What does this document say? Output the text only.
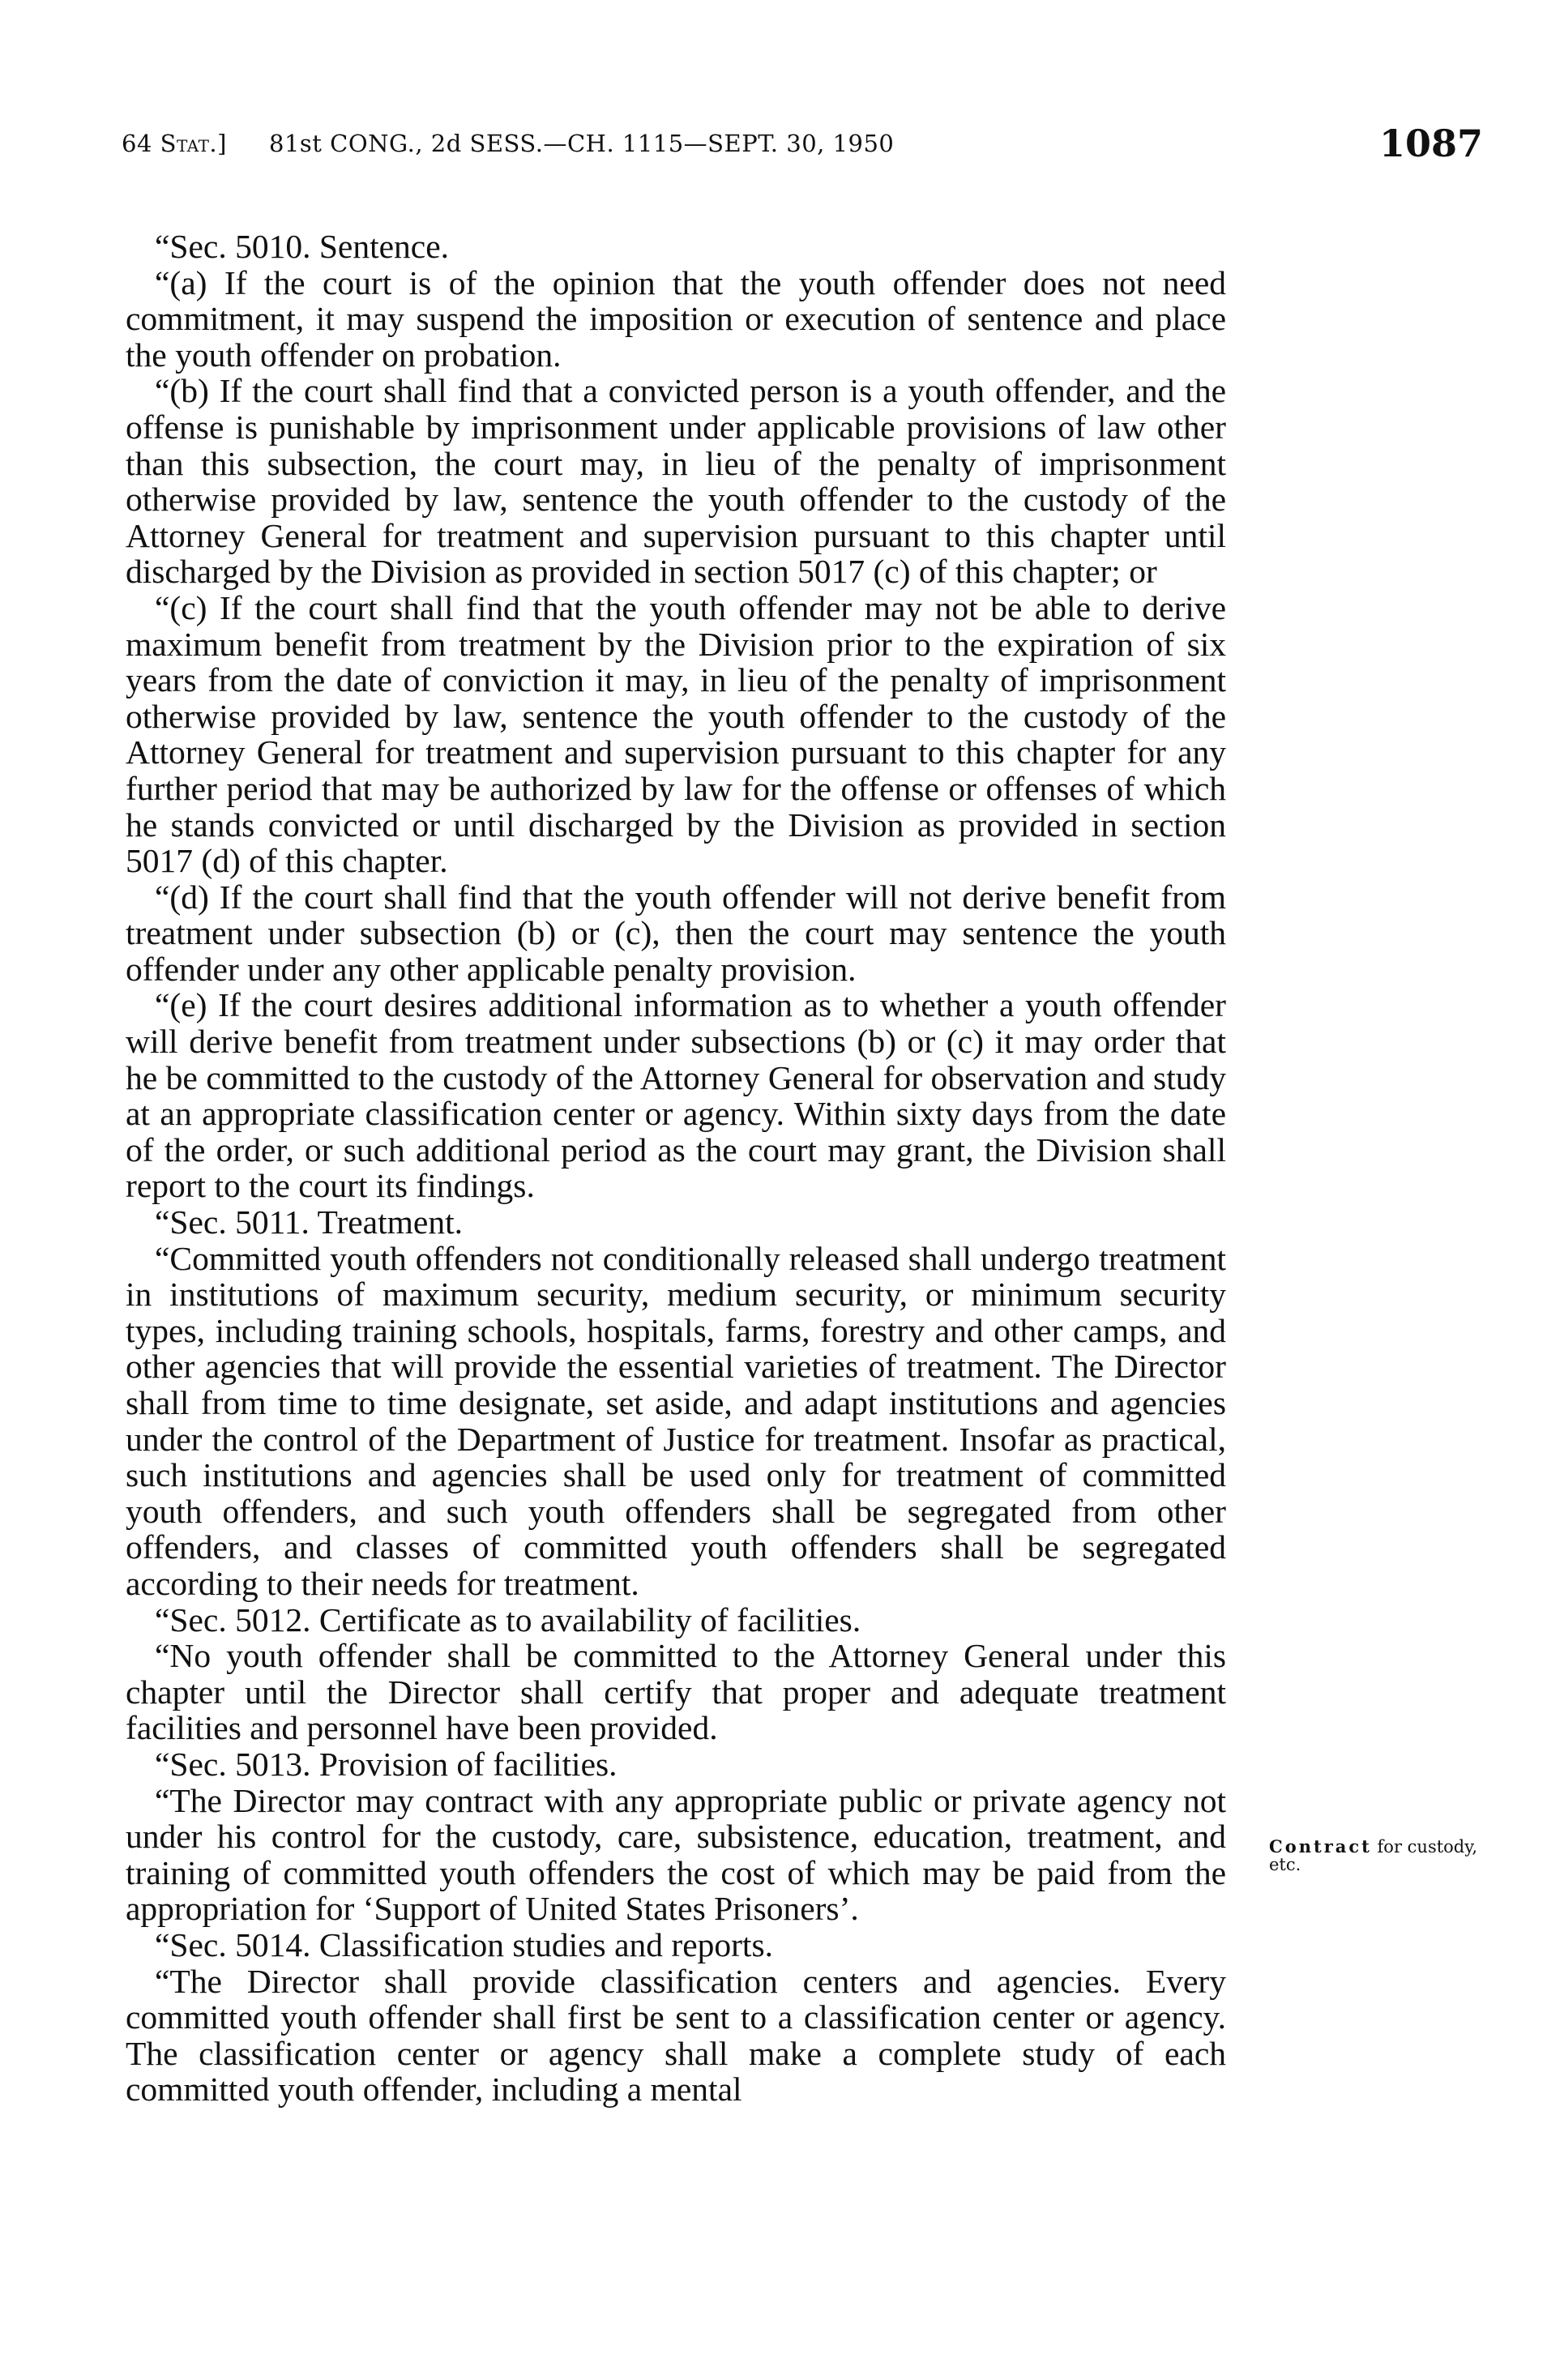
64 Stat.] 81st CONG., 2d SESS.—CH. 1115—SEPT. 30, 1950	1087

“Sec. 5010. Sentence.

“(a) If the court is of the opinion that the youth offender does not need commitment, it may suspend the imposition or execution of sentence and place the youth offender on probation.

“(b) If the court shall find that a convicted person is a youth offender, and the offense is punishable by imprisonment under applicable provisions of law other than this subsection, the court may, in lieu of the penalty of imprisonment otherwise provided by law, sentence the youth offender to the custody of the Attorney General for treatment and supervision pursuant to this chapter until discharged by the Division as provided in section 5017 (c) of this chapter; or

“(c) If the court shall find that the youth offender may not be able to derive maximum benefit from treatment by the Division prior to the expiration of six years from the date of conviction it may, in lieu of the penalty of imprisonment otherwise provided by law, sentence the youth offender to the custody of the Attorney General for treatment and supervision pursuant to this chapter for any further period that may be authorized by law for the offense or offenses of which he stands convicted or until discharged by the Division as provided in section 5017 (d) of this chapter.

“(d) If the court shall find that the youth offender will not derive benefit from treatment under subsection (b) or (c), then the court may sentence the youth offender under any other applicable penalty provision.

“(e) If the court desires additional information as to whether a youth offender will derive benefit from treatment under subsections (b) or (c) it may order that he be committed to the custody of the Attorney General for observation and study at an appropriate classification center or agency. Within sixty days from the date of the order, or such additional period as the court may grant, the Division shall report to the court its findings.

“Sec. 5011. Treatment.

“Committed youth offenders not conditionally released shall undergo treatment in institutions of maximum security, medium security, or minimum security types, including training schools, hospitals, farms, forestry and other camps, and other agencies that will provide the essential varieties of treatment. The Director shall from time to time designate, set aside, and adapt institutions and agencies under the control of the Department of Justice for treatment. Insofar as practical, such institutions and agencies shall be used only for treatment of committed youth offenders, and such youth offenders shall be segregated from other offenders, and classes of committed youth offenders shall be segregated according to their needs for treatment.

“Sec. 5012. Certificate as to availability of facilities.

“No youth offender shall be committed to the Attorney General under this chapter until the Director shall certify that proper and adequate treatment facilities and personnel have been provided.

“Sec. 5013. Provision of facilities.

“The Director may contract with any appropriate public or private agency not under his control for the custody, care, subsistence, education, treatment, and training of committed youth offenders the cost of which may be paid from the appropriation for ‘Support of United States Prisoners’.

“Sec. 5014. Classification studies and reports.

“The Director shall provide classification centers and agencies. Every committed youth offender shall first be sent to a classification center or agency. The classification center or agency shall make a complete study of each committed youth offender, including a mental

Contract for custody, etc.
